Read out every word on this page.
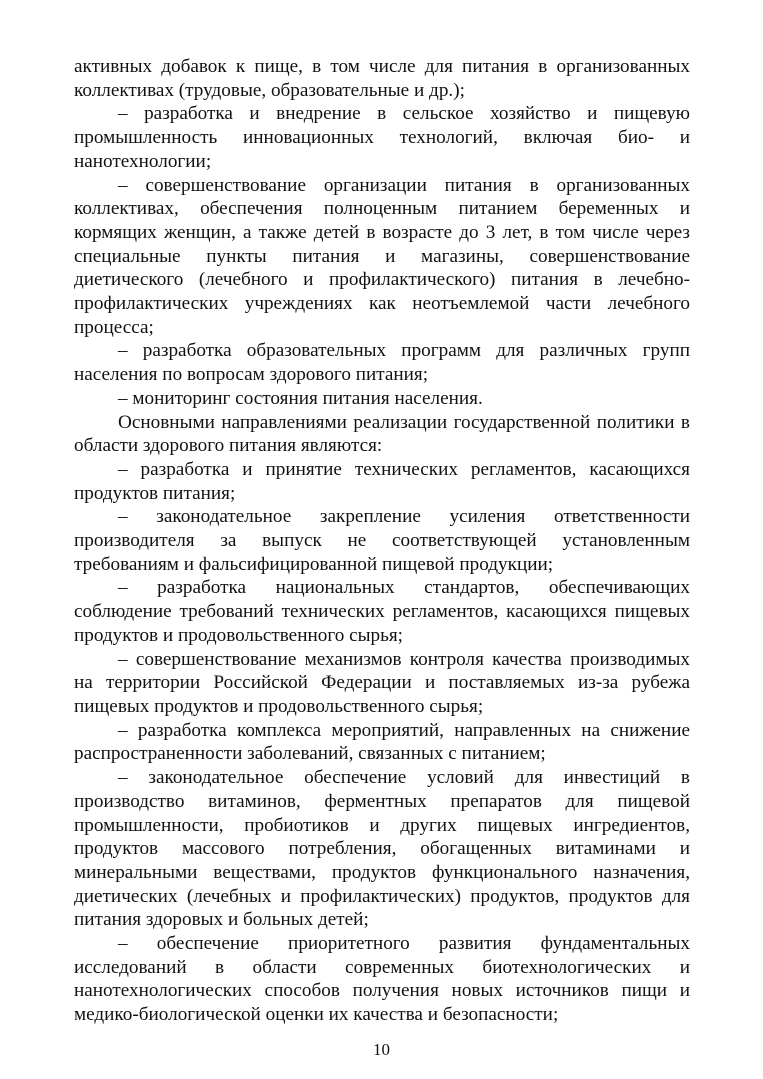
активных добавок к пище, в том числе для питания в организованных коллективах (трудовые, образовательные и др.);

– разработка и внедрение в сельское хозяйство и пищевую промышленность инновационных технологий, включая био- и нанотехнологии;

– совершенствование организации питания в организованных коллективах, обеспечения полноценным питанием беременных и кормящих женщин, а также детей в возрасте до 3 лет, в том числе через специальные пункты питания и магазины, совершенствование диетического (лечебного и профилактического) питания в лечебно-профилактических учреждениях как неотъемлемой части лечебного процесса;

– разработка образовательных программ для различных групп населения по вопросам здорового питания;

– мониторинг состояния питания населения.

Основными направлениями реализации государственной политики в области здорового питания являются:

– разработка и принятие технических регламентов, касающихся продуктов питания;

– законодательное закрепление усиления ответственности производителя за выпуск не соответствующей установленным требованиям и фальсифицированной пищевой продукции;

– разработка национальных стандартов, обеспечивающих соблюдение требований технических регламентов, касающихся пищевых продуктов и продовольственного сырья;

– совершенствование механизмов контроля качества производимых на территории Российской Федерации и поставляемых из-за рубежа пищевых продуктов и продовольственного сырья;

– разработка комплекса мероприятий, направленных на снижение распространенности заболеваний, связанных с питанием;

– законодательное обеспечение условий для инвестиций в производство витаминов, ферментных препаратов для пищевой промышленности, пробиотиков и других пищевых ингредиентов, продуктов массового потребления, обогащенных витаминами и минеральными веществами, продуктов функционального назначения, диетических (лечебных и профилактических) продуктов, продуктов для питания здоровых и больных детей;

– обеспечение приоритетного развития фундаментальных исследований в области современных биотехнологических и нанотехнологических способов получения новых источников пищи и медико-биологической оценки их качества и безопасности;

10
